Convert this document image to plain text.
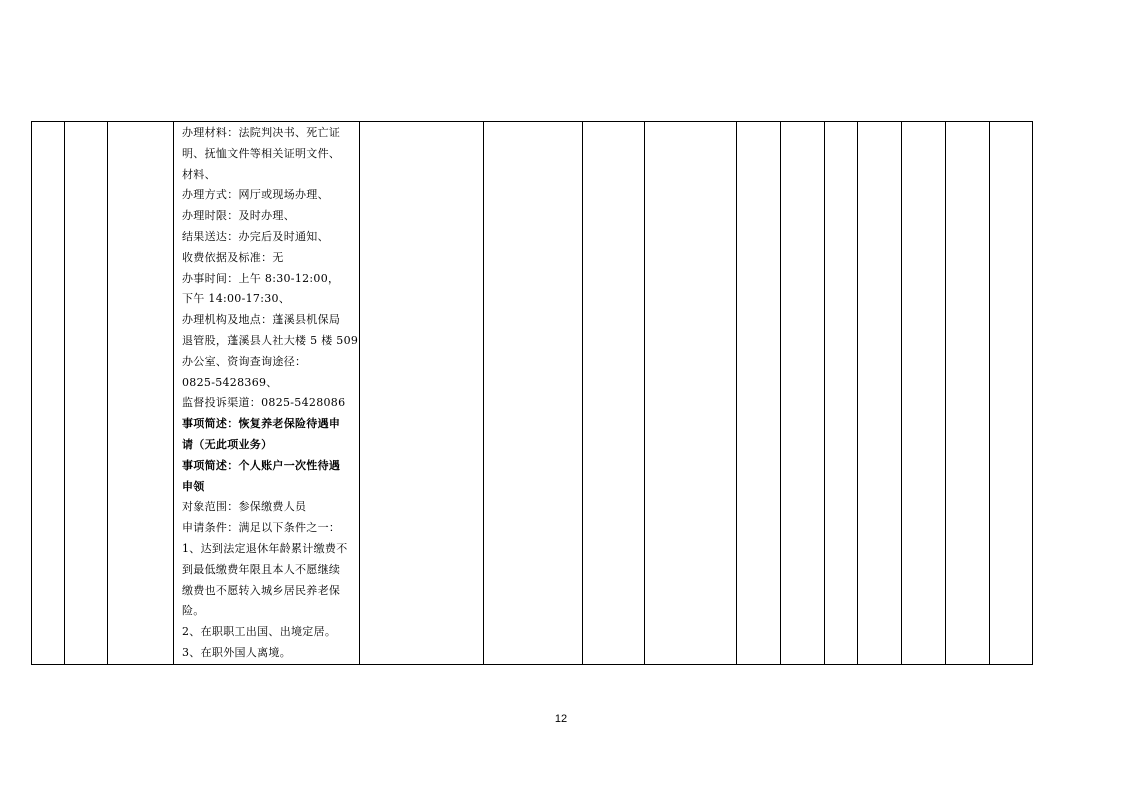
办理材料：法院判决书、死亡证
明、抚恤文件等相关证明文件、
材料、
办理方式：网厅或现场办理、
办理时限：及时办理、
结果送达：办完后及时通知、
收费依据及标准：无
办事时间：上午 8:30-12:00，
下午 14:00-17:30、
办理机构及地点：蓬溪县机保局
退管股，蓬溪县人社大楼 5 楼 509
办公室、资询查询途径：
0825-5428369、
监督投诉渠道：0825-5428086
事项简述：恢复养老保险待遇申
请（无此项业务）
事项简述：个人账户一次性待遇
申领
对象范围：参保缴费人员
申请条件：满足以下条件之一：
1、达到法定退休年龄累计缴费不
到最低缴费年限且本人不愿继续
缴费也不愿转入城乡居民养老保
险。
2、在职职工出国、出境定居。
3、在职外国人离境。

12
